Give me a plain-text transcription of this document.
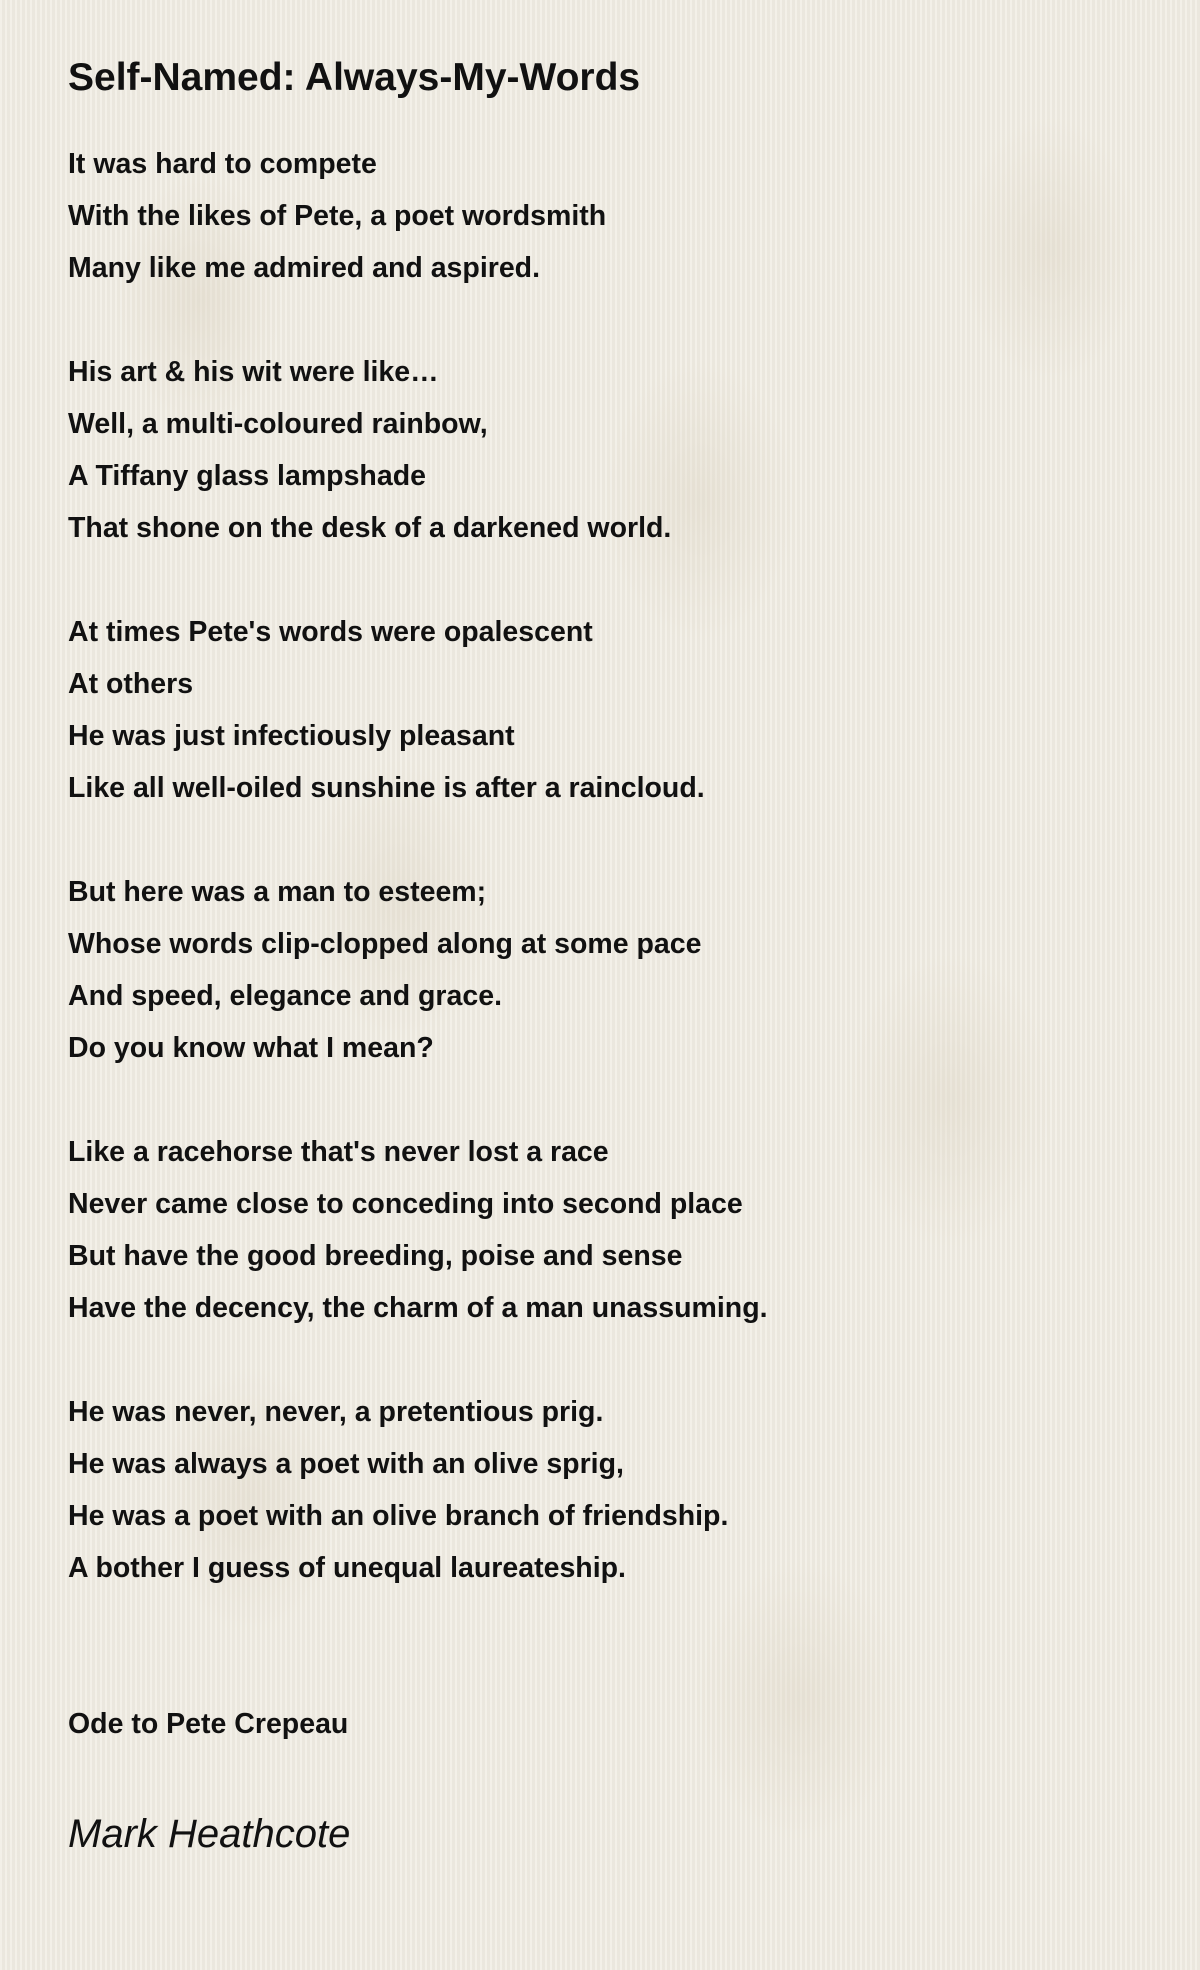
Self-Named: Always-My-Words
It was hard to compete
With the likes of Pete, a poet wordsmith
Many like me admired and aspired.
His art & his wit were like…
Well, a multi-coloured rainbow,
A Tiffany glass lampshade
That shone on the desk of a darkened world.
At times Pete's words were opalescent
At others
He was just infectiously pleasant
Like all well-oiled sunshine is after a raincloud.
But here was a man to esteem;
Whose words clip-clopped along at some pace
And speed, elegance and grace.
Do you know what I mean?
Like a racehorse that's never lost a race
Never came close to conceding into second place
But have the good breeding, poise and sense
Have the decency, the charm of a man unassuming.
He was never, never, a pretentious prig.
He was always a poet with an olive sprig,
He was a poet with an olive branch of friendship.
A bother I guess of unequal laureateship.
Ode to Pete Crepeau
Mark Heathcote
